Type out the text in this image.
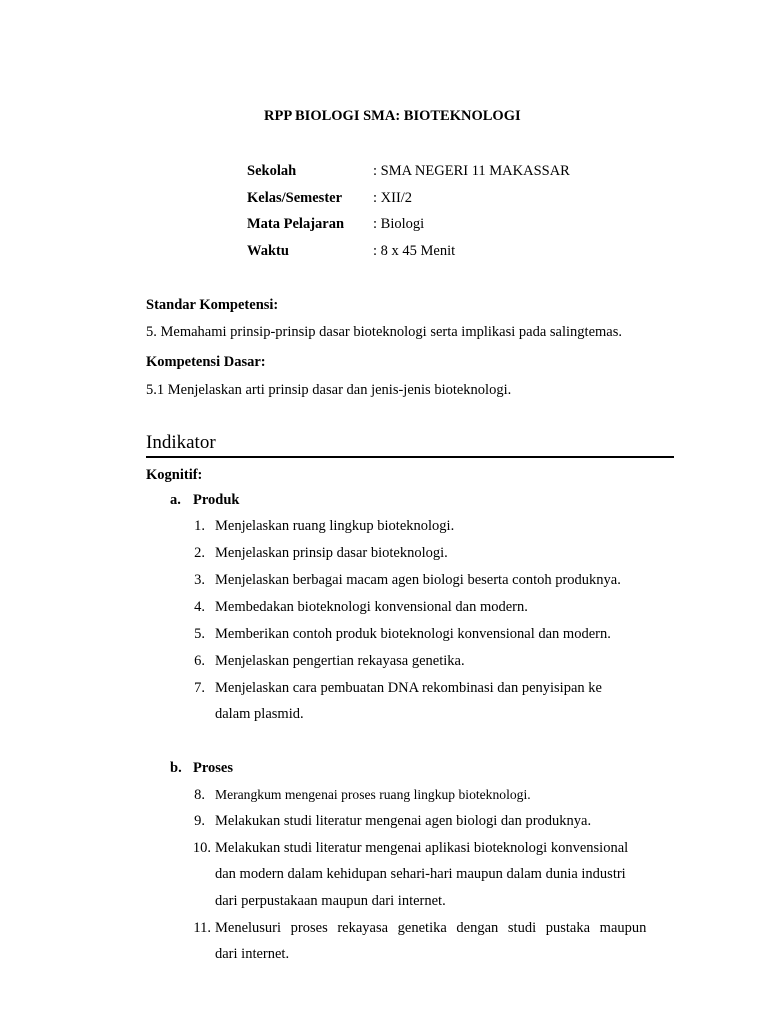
RPP BIOLOGI SMA: BIOTEKNOLOGI
Sekolah	: SMA NEGERI 11 MAKASSAR
Kelas/Semester : XII/2
Mata Pelajaran : Biologi
Waktu	: 8 x 45 Menit
Standar Kompetensi:
5. Memahami prinsip-prinsip dasar bioteknologi serta implikasi pada salingtemas.
Kompetensi Dasar:
5.1 Menjelaskan arti prinsip dasar dan jenis-jenis bioteknologi.
Indikator
Kognitif:
a. Produk
1. Menjelaskan ruang lingkup bioteknologi.
2. Menjelaskan prinsip dasar bioteknologi.
3. Menjelaskan berbagai macam agen biologi beserta contoh produknya.
4. Membedakan bioteknologi konvensional dan modern.
5. Memberikan contoh produk bioteknologi konvensional dan modern.
6. Menjelaskan pengertian rekayasa genetika.
7. Menjelaskan cara pembuatan DNA rekombinasi dan penyisipan ke
dalam plasmid.
b. Proses
8. Merangkum mengenai proses ruang lingkup bioteknologi.
9. Melakukan studi literatur mengenai agen biologi dan produknya.
10. Melakukan studi literatur mengenai aplikasi bioteknologi konvensional
dan modern dalam kehidupan sehari-hari maupun dalam dunia industri
dari perpustakaan maupun dari internet.
11. Menelusuri proses rekayasa genetika dengan studi pustaka maupun
dari internet.
